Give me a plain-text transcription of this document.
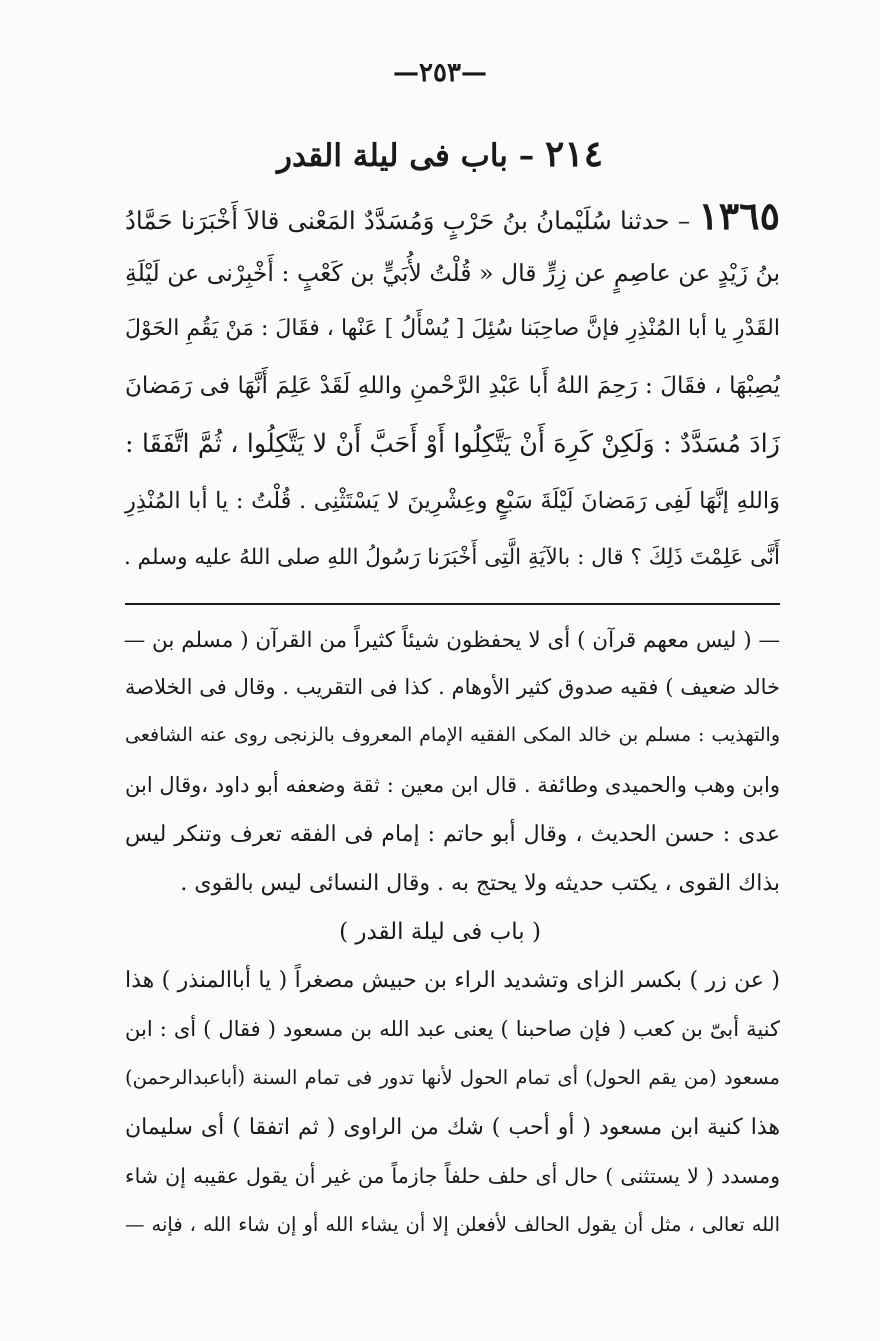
—٢٥٣—
٢١٤ – باب فى ليلة القدر
١٣٦٥ – حدثنا سُلَيْمانُ بنُ حَرْبٍ وَمُسَدَّدٌ المَعْنى قالاَ أَخْبَرَنا حَمَّادُ
بنُ زَيْدٍ عن عاصِمٍ عن زِرٍّ قال « قُلْتُ لأُبَيٍّ بن كَعْبٍ : أَخْبِرْنى عن لَيْلَةِ
القَدْرِ يا أبا المُنْذِرِ فإنَّ صاحِبَنا سُئِلَ [ يُسْأَلُ ] عَنْها ، فقَالَ : مَنْ يَقُمِ الحَوْلَ
يُصِبْهَا ، فقَالَ : رَحِمَ اللهُ أَبا عَبْدِ الرَّحْمنِ واللهِ لَقَدْ عَلِمَ أَنَّهَا فى رَمَضانَ
زَادَ مُسَدَّدٌ : وَلَكِنْ كَرِهَ أَنْ يَتَّكِلُوا أَوْ أَحَبَّ أَنْ لا يَتَّكِلُوا ، ثُمَّ اتَّفَقَا :
وَاللهِ إنَّهَا لَفِى رَمَضانَ لَيْلَةَ سَبْعٍ وعِشْرِينَ لا يَسْتَثْنِى . قُلْتُ : يا أبا المُنْذِرِ
أَنَّى عَلِمْتَ ذَلِكَ ؟ قال : بالآيَةِ الَّتِى أَخْبَرَنا رَسُولُ اللهِ صلى اللهُ عليه وسلم .
— ( ليس معهم قرآن ) أى لا يحفظون شيئاً كثيراً من القرآن ( مسلم بن —
خالد ضعيف ) فقيه صدوق كثير الأوهام . كذا فى التقريب . وقال فى الخلاصة
والتهذيب : مسلم بن خالد المكى الفقيه الإمام المعروف بالزنجى روى عنه الشافعى
وابن وهب والحميدى وطائفة . قال ابن معين : ثقة وضعفه أبو داود ،وقال ابن
عدى : حسن الحديث ، وقال أبو حاتم : إمام فى الفقه تعرف وتنكر ليس
بذاك القوى ، يكتب حديثه ولا يحتج به . وقال النسائى ليس بالقوى .
( باب فى ليلة القدر )
( عن زر ) بكسر الزاى وتشديد الراء بن حبيش مصغراً ( يا أباالمنذر ) هذا
كنية أبىّ بن كعب ( فإن صاحبنا ) يعنى عبد الله بن مسعود ( فقال ) أى : ابن
مسعود (من يقم الحول) أى تمام الحول لأنها تدور فى تمام السنة (أباعبدالرحمن)
هذا كنية ابن مسعود ( أو أحب ) شك من الراوى ( ثم اتفقا ) أى سليمان
ومسدد ( لا يستثنى ) حال أى حلف حلفاً جازماً من غير أن يقول عقيبه إن شاء
الله تعالى ، مثل أن يقول الحالف لأفعلن إلا أن يشاء الله أو إن شاء الله ، فإنه —
